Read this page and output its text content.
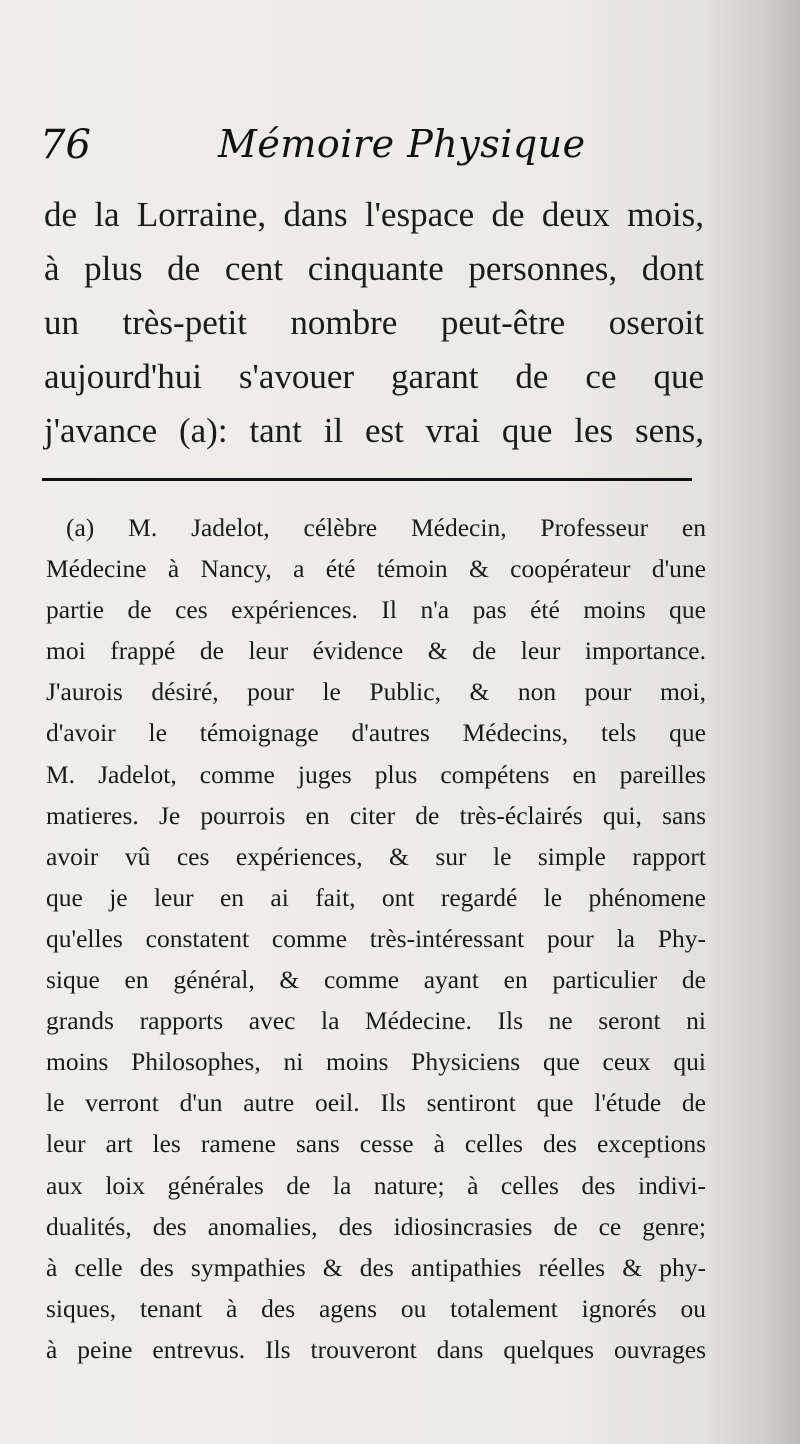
76	Mémoire Physique
de la Lorraine, dans l'espace de deux mois,
à plus de cent cinquante personnes, dont
un très-petit nombre peut-être oseroit
aujourd'hui s'avouer garant de ce que
j'avance (a): tant il est vrai que les sens,
(a) M. Jadelot, célèbre Médecin, Professeur en
Médecine à Nancy, a été témoin & coopérateur d'une
partie de ces expériences. Il n'a pas été moins que
moi frappé de leur évidence & de leur importance.
J'aurois désiré, pour le Public, & non pour moi,
d'avoir le témoignage d'autres Médecins, tels que
M. Jadelot, comme juges plus compétens en pareilles
matieres. Je pourrois en citer de très-éclairés qui, sans
avoir vû ces expériences, & sur le simple rapport
que je leur en ai fait, ont regardé le phénomene
qu'elles constatent comme très-intéressant pour la Phy-
sique en général, & comme ayant en particulier de
grands rapports avec la Médecine. Ils ne seront ni
moins Philosophes, ni moins Physiciens que ceux qui
le verront d'un autre oeil. Ils sentiront que l'étude de
leur art les ramene sans cesse à celles des exceptions
aux loix générales de la nature; à celles des indivi-
dualités, des anomalies, des idiosincrasies de ce genre;
à celle des sympathies & des antipathies réelles & phy-
siques, tenant à des agens ou totalement ignorés ou
à peine entrevus. Ils trouveront dans quelques ouvrages
